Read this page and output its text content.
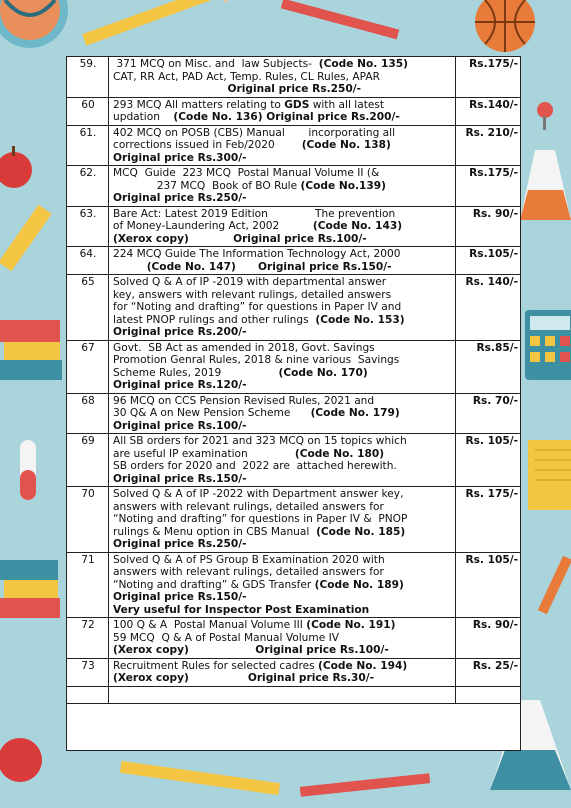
59.	371 MCQ on Misc. and  law Subjects-  (Code No. 135)
CAT, RR Act, PAD Act, Temp. Rules, CL Rules, APAR
Original price Rs.250/-	Rs.175/-
60	293 MCQ All matters relating to GDS with all latest
updation    (Code No. 136) Original price Rs.200/-	Rs.140/-
61.	402 MCQ on POSB (CBS) Manual       incorporating all
corrections issued in Feb/2020        (Code No. 138)
Original price Rs.300/-	Rs. 210/-
62.	MCQ  Guide  223 MCQ  Postal Manual Volume II (&
237 MCQ  Book of BO Rule (Code No.139)
Original price Rs.250/-	Rs.175/-
63.	Bare Act: Latest 2019 Edition              The prevention
of Money-Laundering Act, 2002          (Code No. 143)
(Xerox copy)            Original price Rs.100/-	Rs. 90/-
64.	224 MCQ Guide The Information Technology Act, 2000
(Code No. 147)      Original price Rs.150/-	Rs.105/-
65	Solved Q & A of IP -2019 with departmental answer
key, answers with relevant rulings, detailed answers
for “Noting and drafting” for questions in Paper IV and
latest PNOP rulings and other rulings  (Code No. 153)
Original price Rs.200/-	Rs. 140/-
67	Govt.  SB Act as amended in 2018, Govt. Savings
Promotion Genral Rules, 2018 & nine various  Savings
Scheme Rules, 2019                 (Code No. 170)
Original price Rs.120/-	Rs.85/-
68	96 MCQ on CCS Pension Revised Rules, 2021 and
30 Q& A on New Pension Scheme      (Code No. 179)
Original price Rs.100/-	Rs. 70/-
69	All SB orders for 2021 and 323 MCQ on 15 topics which
are useful IP examination              (Code No. 180)
SB orders for 2020 and  2022 are  attached herewith.
Original price Rs.150/-	Rs. 105/-
70	Solved Q & A of IP -2022 with Department answer key,
answers with relevant rulings, detailed answers for
“Noting and drafting” for questions in Paper IV &  PNOP
rulings & Menu option in CBS Manual  (Code No. 185)
Original price Rs.250/-	Rs. 175/-
71	Solved Q & A of PS Group B Examination 2020 with
answers with relevant rulings, detailed answers for
“Noting and drafting” & GDS Transfer (Code No. 189)
Original price Rs.150/-
Very useful for Inspector Post Examination	Rs. 105/-
72	100 Q & A  Postal Manual Volume III (Code No. 191)
59 MCQ  Q & A of Postal Manual Volume IV
(Xerox copy)                  Original price Rs.100/-	Rs. 90/-
73	Recruitment Rules for selected cadres (Code No. 194)
(Xerox copy)                Original price Rs.30/-	Rs. 25/-
